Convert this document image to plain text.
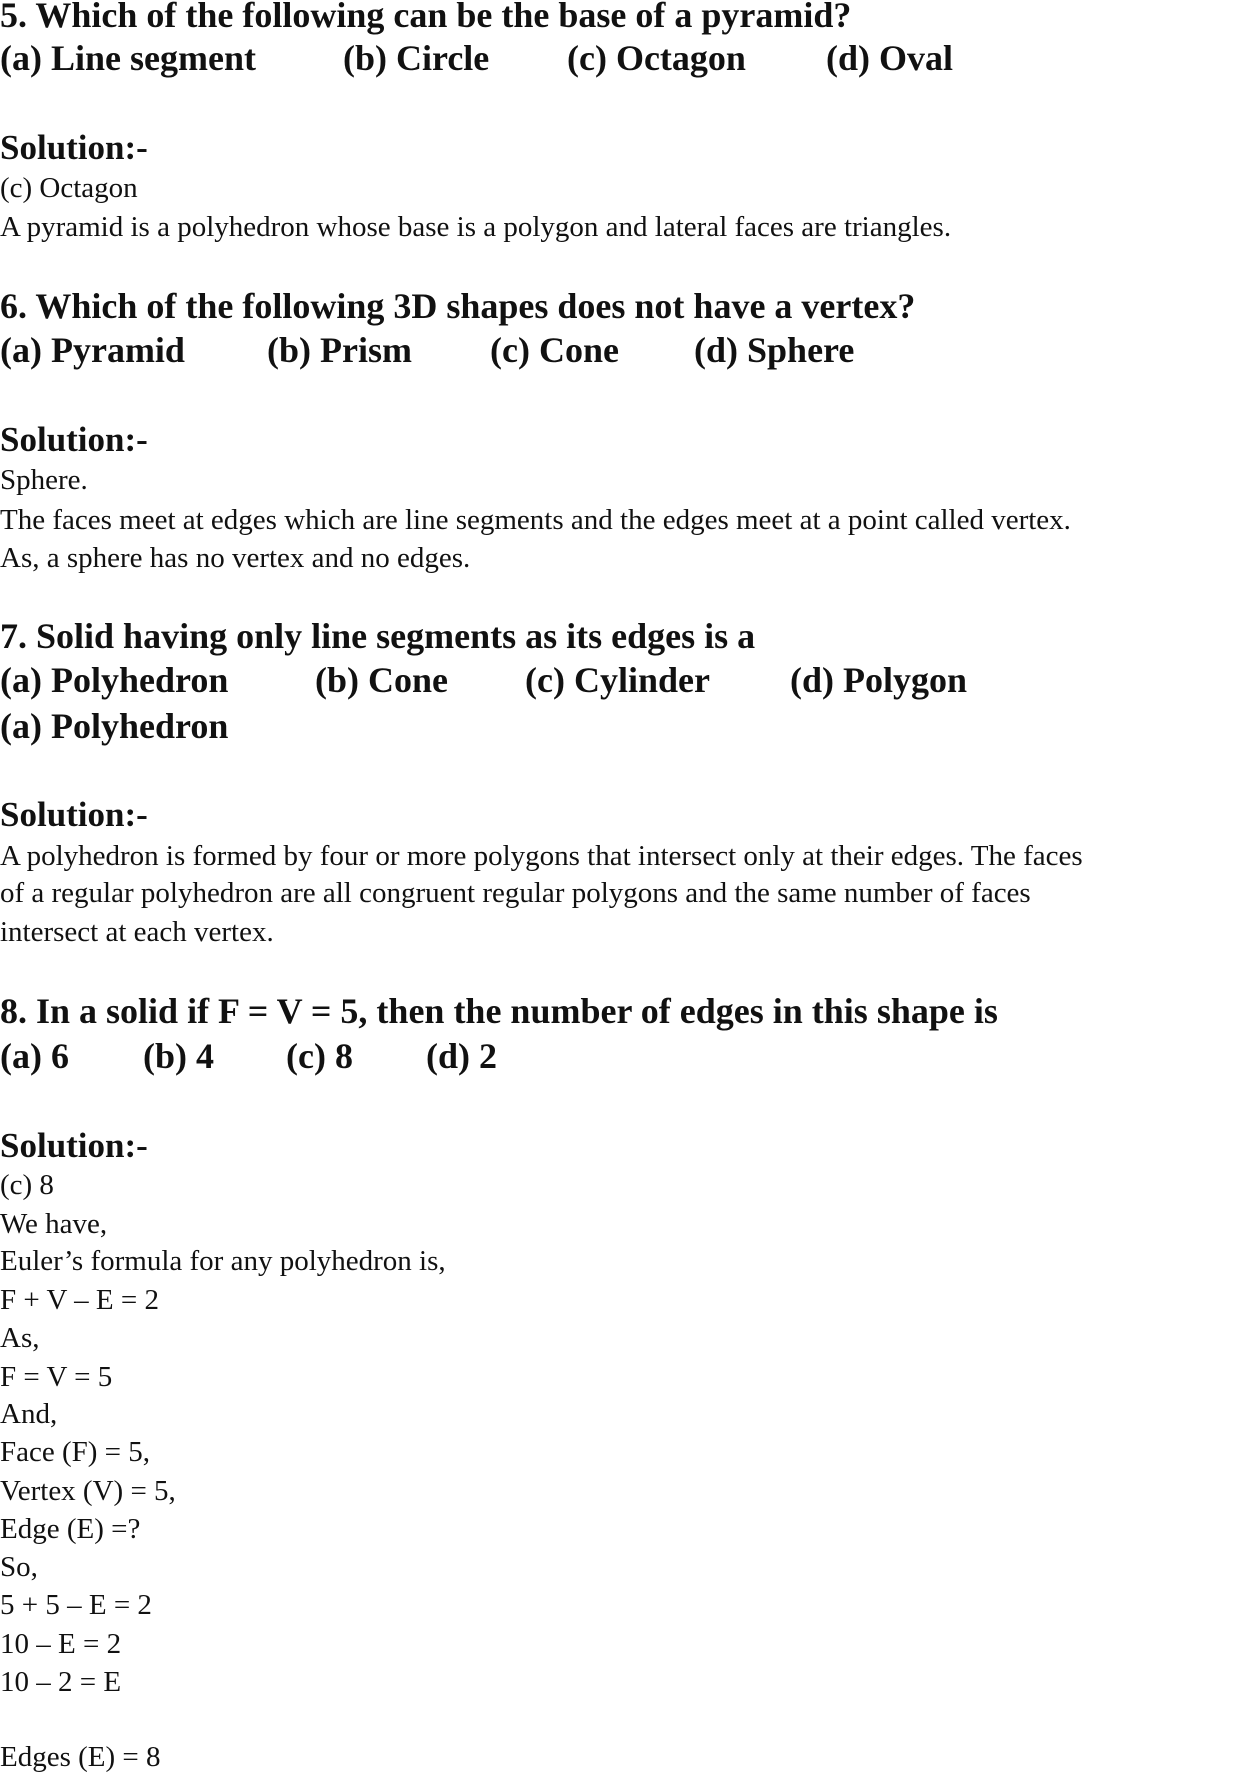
5. Which of the following can be the base of a pyramid?
(a) Line segment (b) Circle (c) Octagon (d) Oval
Solution:-
(c) Octagon
A pyramid is a polyhedron whose base is a polygon and lateral faces are triangles.
6. Which of the following 3D shapes does not have a vertex?
(a) Pyramid (b) Prism (c) Cone (d) Sphere
Solution:-
Sphere.
The faces meet at edges which are line segments and the edges meet at a point called vertex.
As, a sphere has no vertex and no edges.
7. Solid having only line segments as its edges is a
(a) Polyhedron (b) Cone (c) Cylinder (d) Polygon
(a) Polyhedron
Solution:-
A polyhedron is formed by four or more polygons that intersect only at their edges. The faces
of a regular polyhedron are all congruent regular polygons and the same number of faces
intersect at each vertex.
8. In a solid if F = V = 5, then the number of edges in this shape is
(a) 6 (b) 4 (c) 8 (d) 2
Solution:-
(c) 8
We have,
Euler’s formula for any polyhedron is,
F + V – E = 2
As,
F = V = 5
And,
Face (F) = 5,
Vertex (V) = 5,
Edge (E) =?
So,
5 + 5 – E = 2
10 – E = 2
10 – 2 = E
Edges (E) = 8
